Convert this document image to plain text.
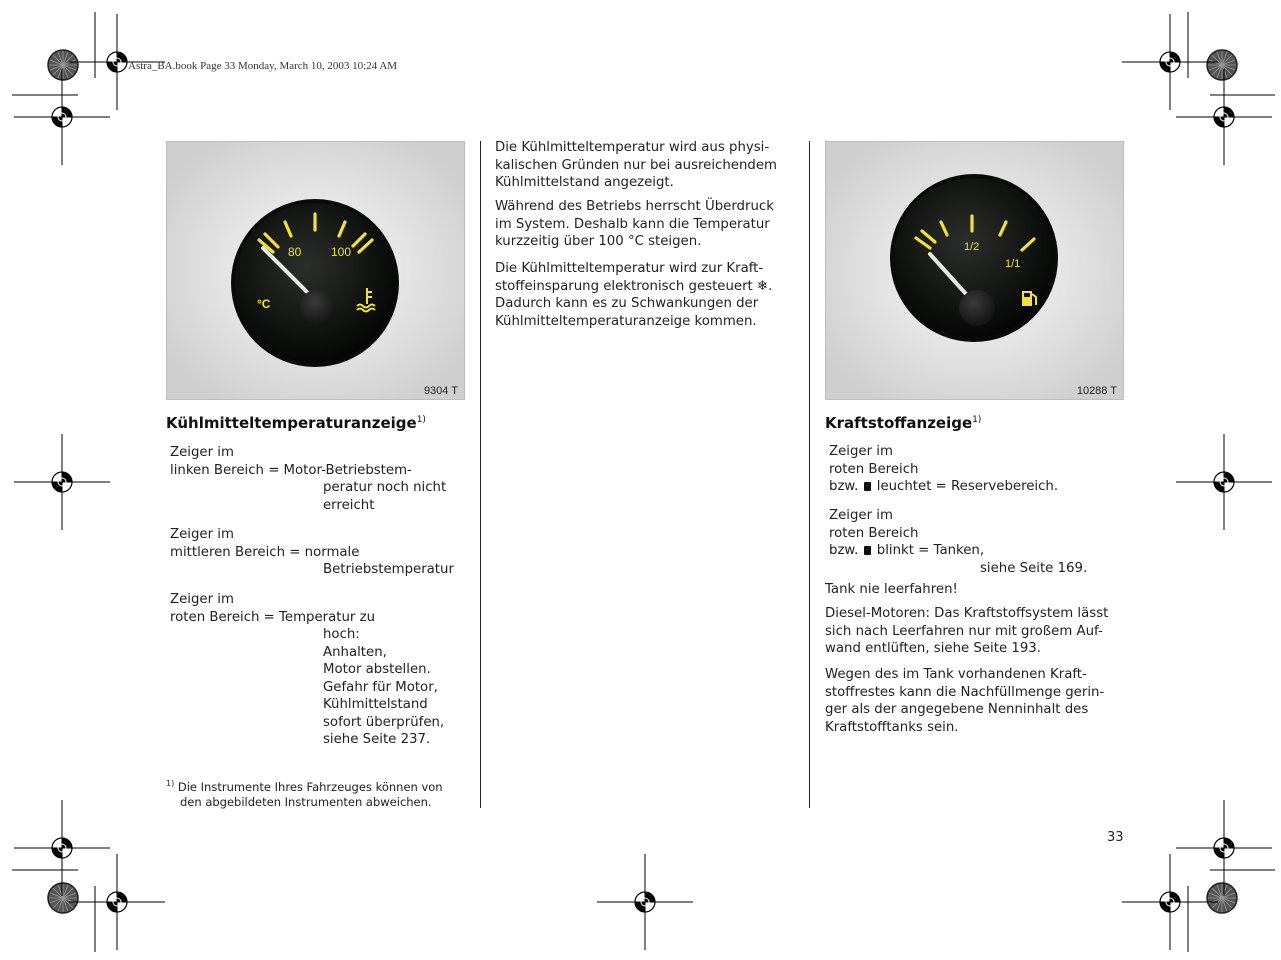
Astra_BA.book Page 33 Monday, March 10, 2003 10:24 AM
80 100
°C
9304 T
1/2
1/1
10288 T
Kühlmitteltemperaturanzeige$^{1)}$
Zeiger im
linken Bereich = Motor-Betriebstem-
peratur noch nicht
erreicht
Zeiger im
mittleren Bereich = normale
Betriebstemperatur
Zeiger im
roten Bereich = Temperatur zu
hoch:
Anhalten,
Motor abstellen.
Gefahr für Motor,
Kühlmittelstand
sofort überprüfen,
siehe Seite 237.
$^{1)}$ Die Instrumente Ihres Fahrzeuges können von
den abgebildeten Instrumenten abweichen.
Die Kühlmitteltemperatur wird aus physi-
kalischen Gründen nur bei ausreichendem
Kühlmittelstand angezeigt.
Während des Betriebs herrscht Überdruck
im System. Deshalb kann die Temperatur
kurzzeitig über 100 °C steigen.
Die Kühlmitteltemperatur wird zur Kraft-
stoffeinsparung elektronisch gesteuert ❄.
Dadurch kann es zu Schwankungen der
Kühlmitteltemperaturanzeige kommen.
Kraftstoffanzeige$^{1)}$
Zeiger im
roten Bereich
bzw.  leuchtet = Reservebereich.
Zeiger im
roten Bereich
bzw.  blinkt = Tanken,
siehe Seite 169.
Tank nie leerfahren!
Diesel-Motoren: Das Kraftstoffsystem lässt
sich nach Leerfahren nur mit großem Auf-
wand entlüften, siehe Seite 193.
Wegen des im Tank vorhandenen Kraft-
stoffrestes kann die Nachfüllmenge gerin-
ger als der angegebene Nenninhalt des
Kraftstofftanks sein.
33
